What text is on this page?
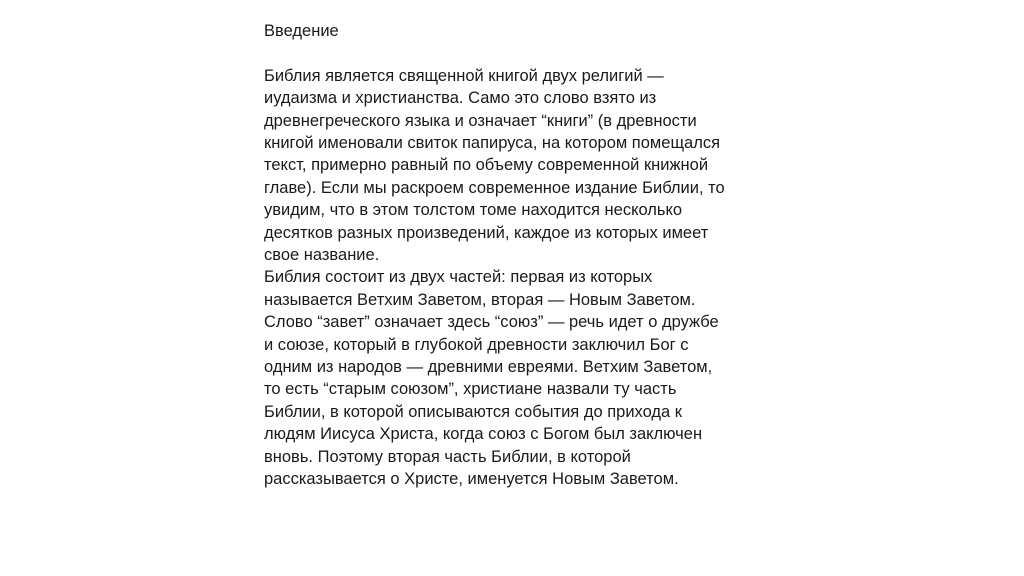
Введение
Библия является священной книгой двух религий —
иудаизма и христианства. Само это слово взято из
древнегреческого языка и означает “книги” (в древности
книгой именовали свиток папируса, на котором помещался
текст, примерно равный по объему современной книжной
главе). Если мы раскроем современное издание Библии, то
увидим, что в этом толстом томе находится несколько
десятков разных произведений, каждое из которых имеет
свое название.
Библия состоит из двух частей: первая из которых
называется Ветхим Заветом, вторая — Новым Заветом.
Слово “завет” означает здесь “союз” — речь идет о дружбе
и союзе, который в глубокой древности заключил Бог с
одним из народов — древними евреями. Ветхим Заветом,
то есть “старым союзом”, христиане назвали ту часть
Библии, в которой описываются события до прихода к
людям Иисуса Христа, когда союз с Богом был заключен
вновь. Поэтому вторая часть Библии, в которой
рассказывается о Христе, именуется Новым Заветом.
